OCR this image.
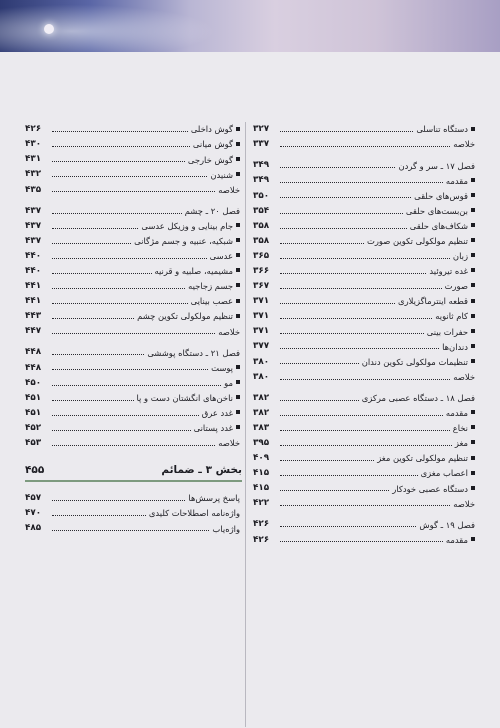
دستگاه تناسلی
۳۲۷
خلاصه
۳۳۷
فصل ۱۷ ـ سر و گردن
۳۴۹
مقدمه
۳۴۹
قوس‌های حلقی
۳۵۰
بن‌بست‌های حلقی
۳۵۴
شکاف‌های حلقی
۳۵۸
تنظیم مولکولی تکوین صورت
۳۵۸
زبان
۳۶۵
غده تیروئید
۳۶۶
صورت
۳۶۷
قطعه اینترماگزیلاری
۳۷۱
کام ثانویه
۳۷۱
حفرات بینی
۳۷۱
دندان‌ها
۳۷۷
تنظیمات مولکولی تکوین دندان
۳۸۰
خلاصه
۳۸۰
فصل ۱۸ ـ دستگاه عصبی مرکزی
۳۸۲
مقدمه
۳۸۲
نخاع
۳۸۳
مغز
۳۹۵
تنظیم مولکولی تکوین مغز
۴۰۹
اعصاب مغزی
۴۱۵
دستگاه عصبی خودکار
۴۱۵
خلاصه
۴۲۲
فصل ۱۹ ـ گوش
۴۲۶
مقدمه
۴۲۶
گوش داخلی
۴۲۶
گوش میانی
۴۳۰
گوش خارجی
۴۳۱
شنیدن
۴۳۲
خلاصه
۴۳۵
فصل ۲۰ ـ چشم
۴۳۷
جام بینایی و وزیکل عدسی
۴۳۷
شبکیه، عنبیه و جسم مژگانی
۴۳۷
عدسی
۴۴۰
مشیمیه، صلبیه و قرنیه
۴۴۰
جسم زجاجیه
۴۴۱
عصب بینایی
۴۴۱
تنظیم مولکولی تکوین چشم
۴۴۳
خلاصه
۴۴۷
فصل ۲۱ ـ دستگاه پوششی
۴۴۸
پوست
۴۴۸
مو
۴۵۰
ناخن‌های انگشتان دست و پا
۴۵۱
غدد عرق
۴۵۱
غدد پستانی
۴۵۲
خلاصه
۴۵۳
بخش ۳ ـ ضمائم
۴۵۵
پاسخ پرسش‌ها
۴۵۷
واژه‌نامه اصطلاحات کلیدی
۴۷۰
واژه‌یاب
۴۸۵
